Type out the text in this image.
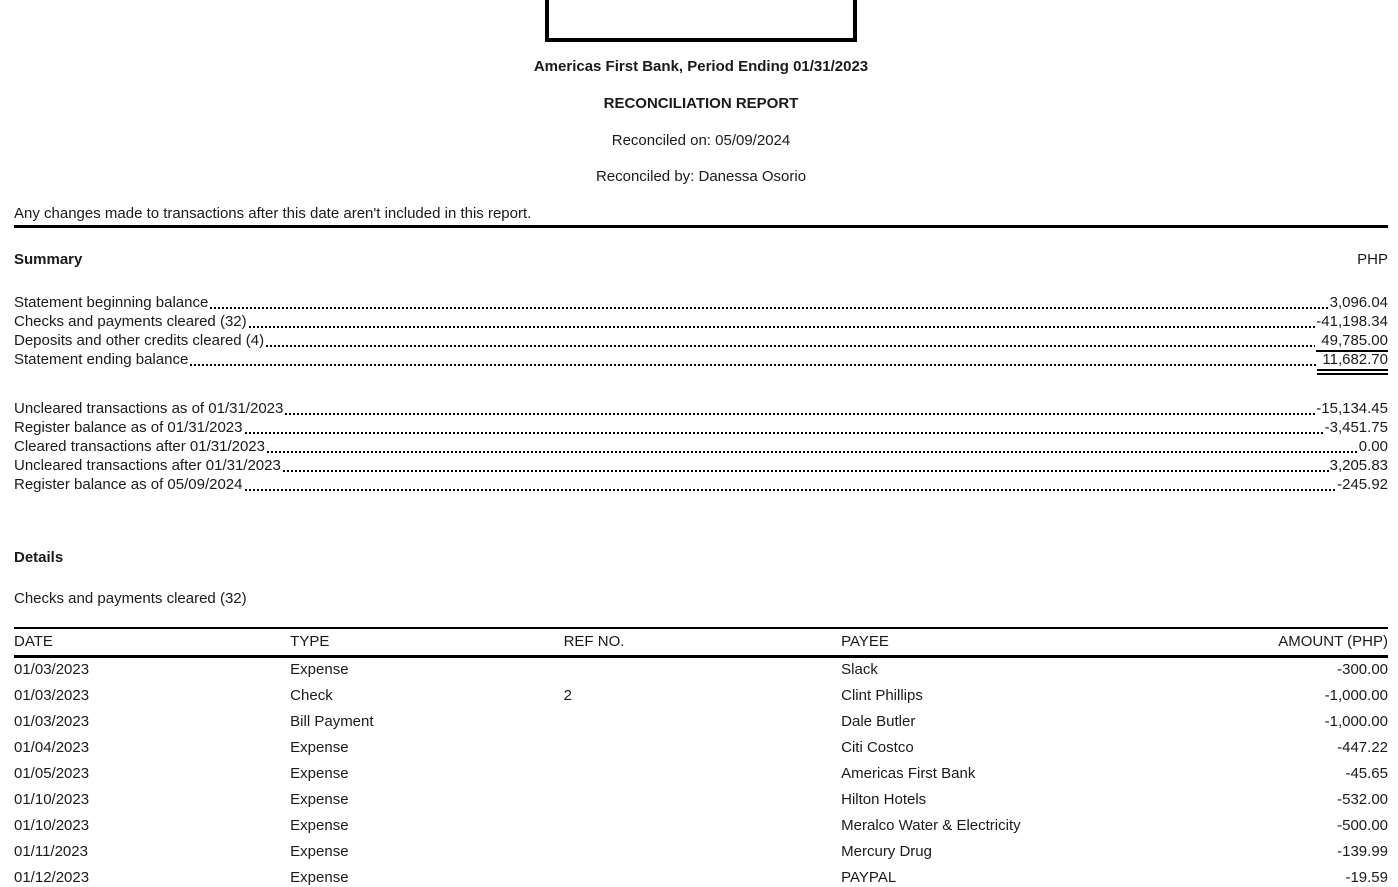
Americas First Bank, Period Ending 01/31/2023
RECONCILIATION REPORT
Reconciled on: 05/09/2024
Reconciled by: Danessa Osorio
Any changes made to transactions after this date aren't included in this report.
Summary	PHP
Statement beginning balance	3,096.04
Checks and payments cleared (32)	-41,198.34
Deposits and other credits cleared (4)	49,785.00
Statement ending balance	11,682.70
Uncleared transactions as of 01/31/2023	-15,134.45
Register balance as of 01/31/2023	-3,451.75
Cleared transactions after 01/31/2023	0.00
Uncleared transactions after 01/31/2023	3,205.83
Register balance as of 05/09/2024	-245.92
Details
Checks and payments cleared (32)
DATE	TYPE	REF NO.	PAYEE	AMOUNT (PHP)
01/03/2023	Expense		Slack	-300.00
01/03/2023	Check	2	Clint Phillips	-1,000.00
01/03/2023	Bill Payment		Dale Butler	-1,000.00
01/04/2023	Expense		Citi Costco	-447.22
01/05/2023	Expense		Americas First Bank	-45.65
01/10/2023	Expense		Hilton Hotels	-532.00
01/10/2023	Expense		Meralco Water & Electricity	-500.00
01/11/2023	Expense		Mercury Drug	-139.99
01/12/2023	Expense		PAYPAL	-19.59
